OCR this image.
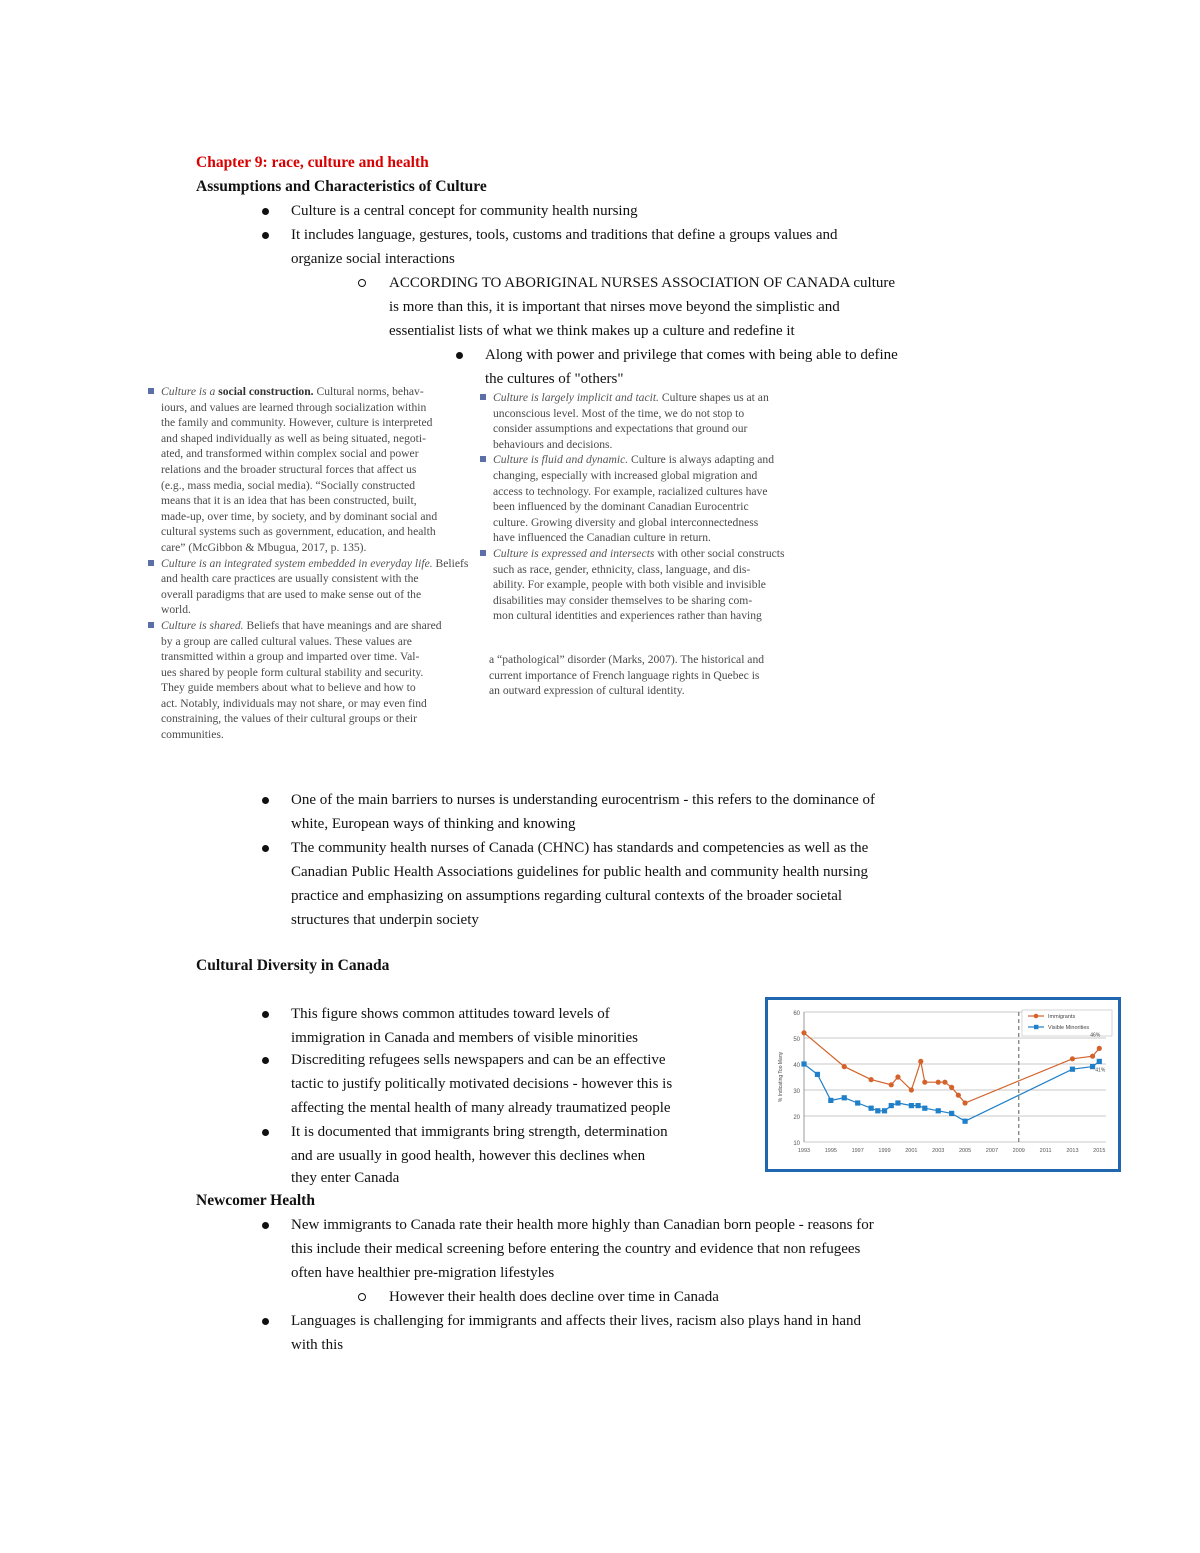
Chapter 9: race, culture and health
Assumptions and Characteristics of Culture
Culture is a central concept for community health nursing
It includes language, gestures, tools, customs and traditions that define a groups values and
organize social interactions
ACCORDING TO ABORIGINAL NURSES ASSOCIATION OF CANADA culture
is more than this, it is important that nirses move beyond the simplistic and
essentialist lists of what we think makes up a culture and redefine it
Along with power and privilege that comes with being able to define
the cultures of "others"
Culture is a social construction. Cultural norms, behav-
iours, and values are learned through socialization within
the family and community. However, culture is interpreted
and shaped individually as well as being situated, negoti-
ated, and transformed within complex social and power
relations and the broader structural forces that affect us
(e.g., mass media, social media). “Socially constructed
means that it is an idea that has been constructed, built,
made-up, over time, by society, and by dominant social and
cultural systems such as government, education, and health
care” (McGibbon & Mbugua, 2017, p. 135).
Culture is an integrated system embedded in everyday life. Beliefs
and health care practices are usually consistent with the
overall paradigms that are used to make sense out of the
world.
Culture is shared. Beliefs that have meanings and are shared
by a group are called cultural values. These values are
transmitted within a group and imparted over time. Val-
ues shared by people form cultural stability and security.
They guide members about what to believe and how to
act. Notably, individuals may not share, or may even find
constraining, the values of their cultural groups or their
communities.
Culture is largely implicit and tacit. Culture shapes us at an
unconscious level. Most of the time, we do not stop to
consider assumptions and expectations that ground our
behaviours and decisions.
Culture is fluid and dynamic. Culture is always adapting and
changing, especially with increased global migration and
access to technology. For example, racialized cultures have
been influenced by the dominant Canadian Eurocentric
culture. Growing diversity and global interconnectedness
have influenced the Canadian culture in return.
Culture is expressed and intersects with other social constructs
such as race, gender, ethnicity, class, language, and dis-
ability. For example, people with both visible and invisible
disabilities may consider themselves to be sharing com-
mon cultural identities and experiences rather than having
a “pathological” disorder (Marks, 2007). The historical and
current importance of French language rights in Quebec is
an outward expression of cultural identity.
One of the main barriers to nurses is understanding eurocentrism - this refers to the dominance of
white, European ways of thinking and knowing
The community health nurses of Canada (CHNC) has standards and competencies as well as the
Canadian Public Health Associations guidelines for public health and community health nursing
practice and emphasizing on assumptions regarding cultural contexts of the broader societal
structures that underpin society
Cultural Diversity in Canada
This figure shows common attitudes toward levels of
immigration in Canada and members of visible minorities
Discrediting refugees sells newspapers and can be an effective
tactic to justify politically motivated decisions - however this is
affecting the mental health of many already traumatized people
It is documented that immigrants bring strength, determination
and are usually in good health, however this declines when
they enter Canada
10
20
30
40
50
60
1993	1995	1997	1999	2001	2003	2005	2007	2009	2011	2013	2015
% Indicating Too Many
Immigrants
Visible Minorities
46%
41%
Newcomer Health
New immigrants to Canada rate their health more highly than Canadian born people - reasons for
this include their medical screening before entering the country and evidence that non refugees
often have healthier pre-migration lifestyles
However their health does decline over time in Canada
Languages is challenging for immigrants and affects their lives, racism also plays hand in hand
with this
